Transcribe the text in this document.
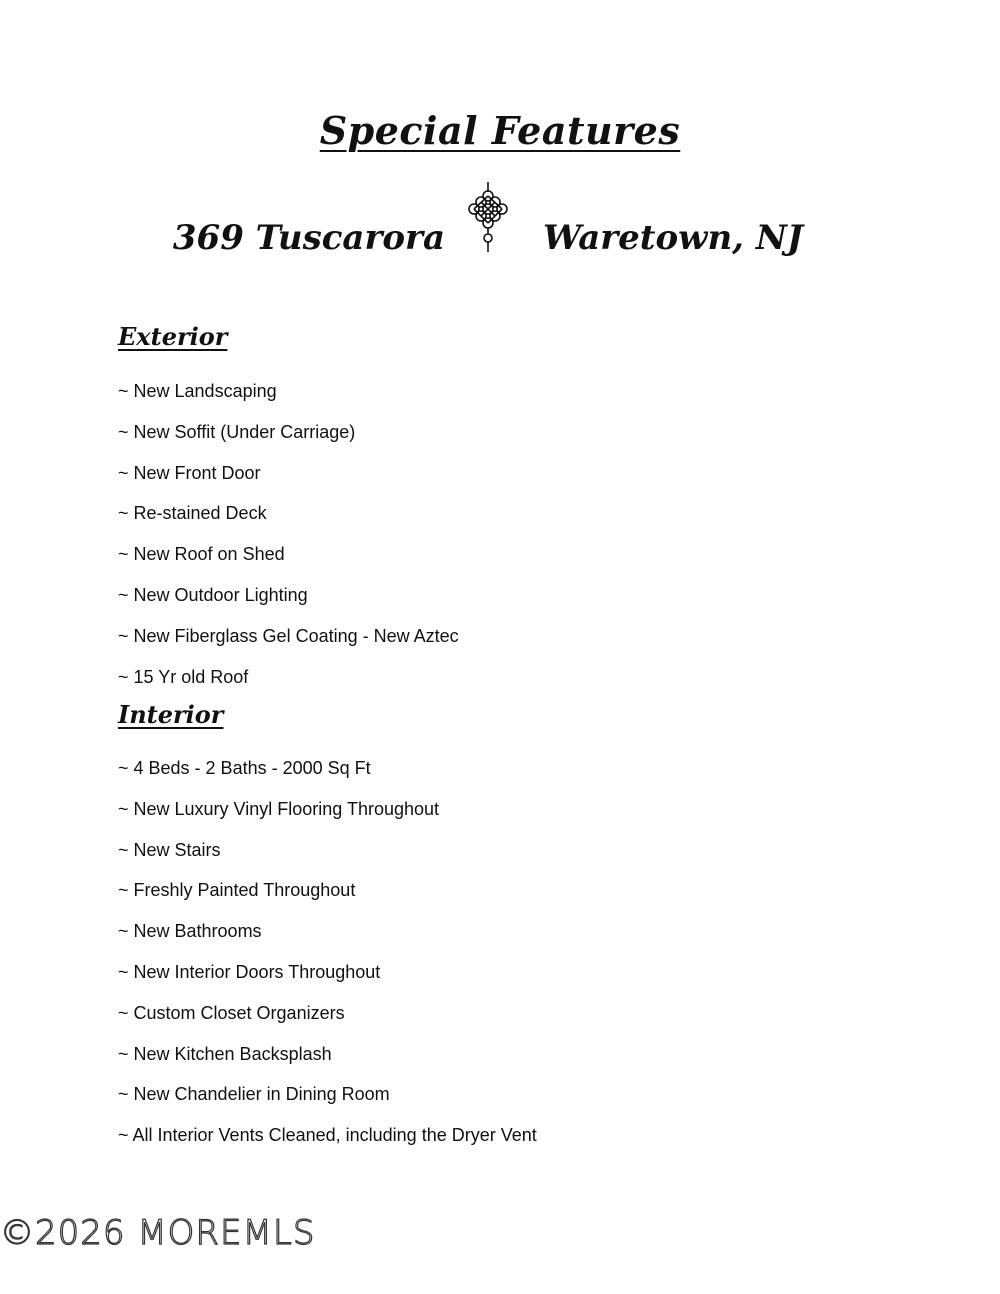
Special Features
369 Tuscarora	Waretown, NJ
Exterior
~ New Landscaping
~ New Soffit (Under Carriage)
~ New Front Door
~ Re-stained Deck
~ New Roof on Shed
~ New Outdoor Lighting
~ New Fiberglass Gel Coating - New Aztec
~ 15 Yr old Roof
Interior
~ 4 Beds - 2 Baths - 2000 Sq Ft
~ New Luxury Vinyl Flooring Throughout
~ New Stairs
~ Freshly Painted Throughout
~ New Bathrooms
~ New Interior Doors Throughout
~ Custom Closet Organizers
~ New Kitchen Backsplash
~ New Chandelier in Dining Room
~ All Interior Vents Cleaned, including the Dryer Vent
©2026 MOREMLS
